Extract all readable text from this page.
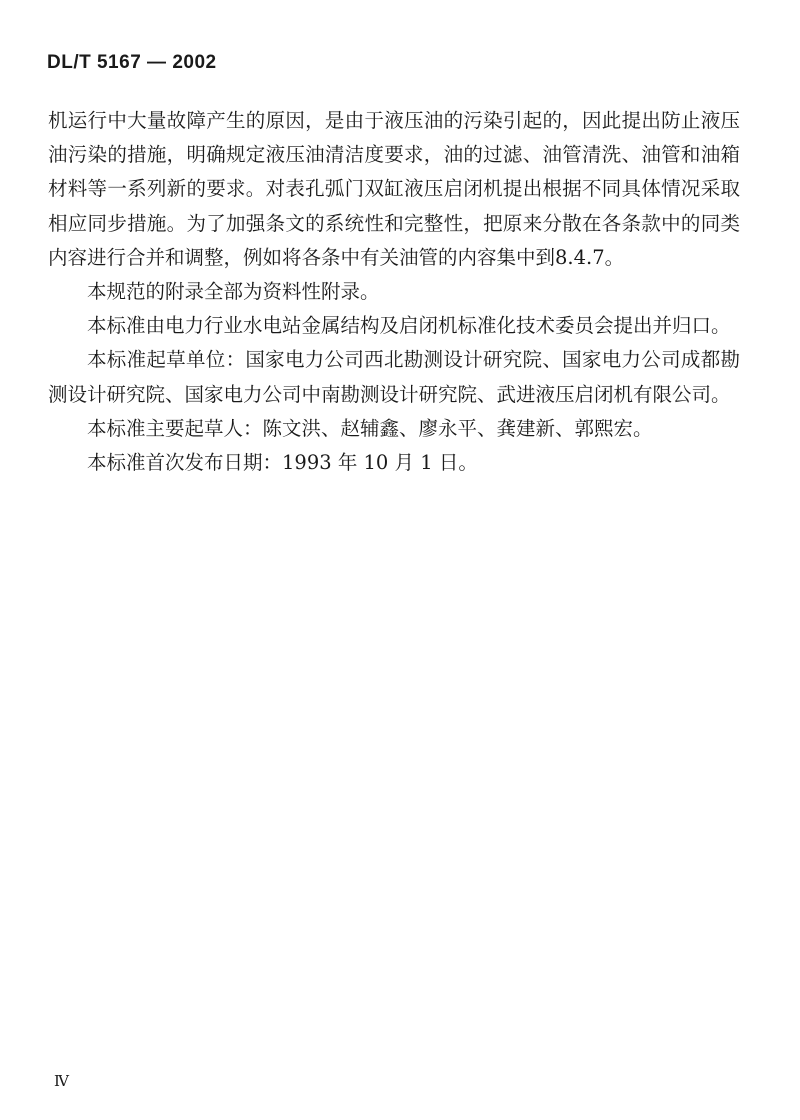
DL/T 5167 — 2002

机运行中大量故障产生的原因，是由于液压油的污染引起的，因此提出防止液压油污染的措施，明确规定液压油清洁度要求，油的过滤、油管清洗、油管和油箱材料等一系列新的要求。对表孔弧门双缸液压启闭机提出根据不同具体情况采取相应同步措施。为了加强条文的系统性和完整性，把原来分散在各条款中的同类内容进行合并和调整，例如将各条中有关油管的内容集中到8.4.7。

本规范的附录全部为资料性附录。

本标准由电力行业水电站金属结构及启闭机标准化技术委员会提出并归口。

本标准起草单位：国家电力公司西北勘测设计研究院、国家电力公司成都勘测设计研究院、国家电力公司中南勘测设计研究院、武进液压启闭机有限公司。

本标准主要起草人：陈文洪、赵辅鑫、廖永平、龚建新、郭熙宏。

本标准首次发布日期：1993 年 10 月 1 日。

Ⅳ
